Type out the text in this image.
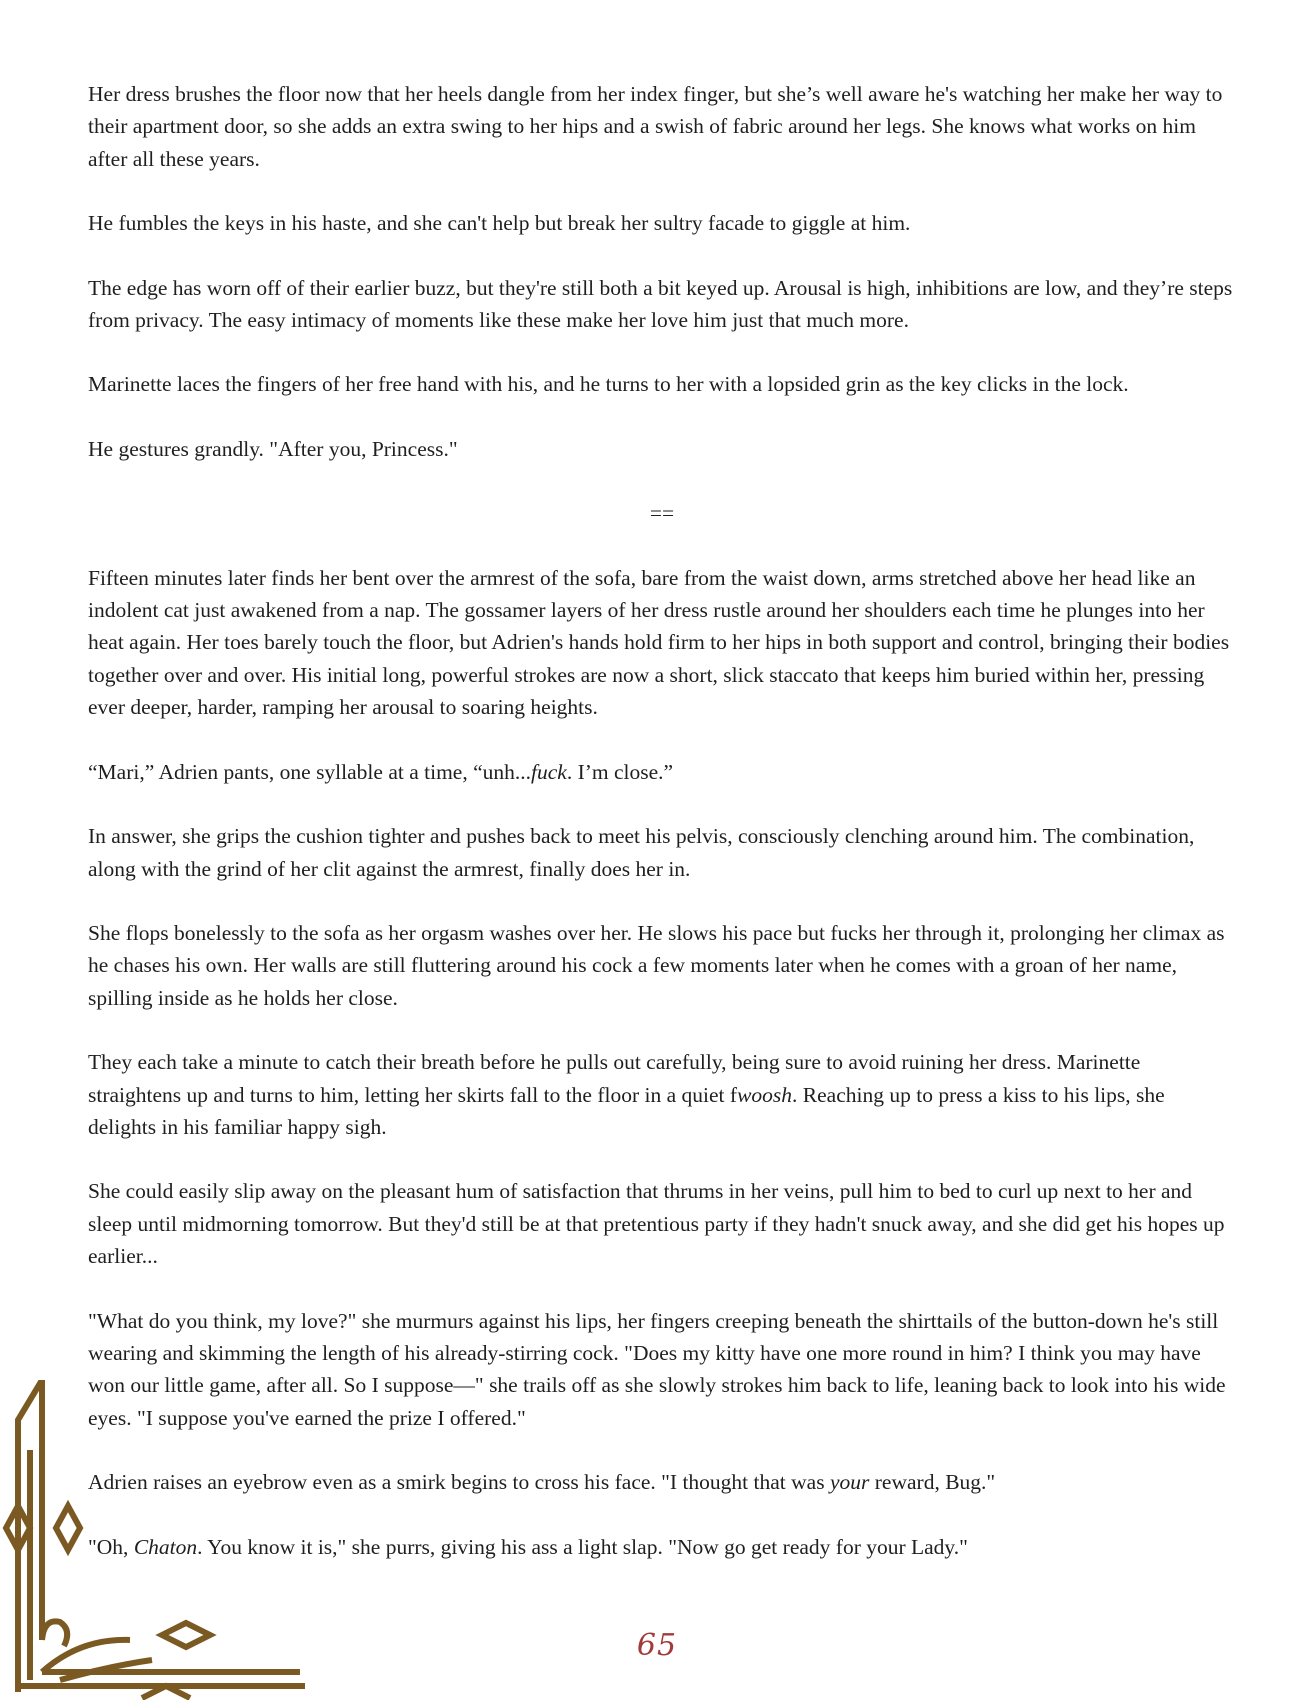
Her dress brushes the floor now that her heels dangle from her index finger, but she’s well aware he's watching her make her way to their apartment door, so she adds an extra swing to her hips and a swish of fabric around her legs. She knows what works on him after all these years.

He fumbles the keys in his haste, and she can't help but break her sultry facade to giggle at him.

The edge has worn off of their earlier buzz, but they're still both a bit keyed up. Arousal is high, inhibitions are low, and they’re steps from privacy. The easy intimacy of moments like these make her love him just that much more.

Marinette laces the fingers of her free hand with his, and he turns to her with a lopsided grin as the key clicks in the lock.

He gestures grandly. "After you, Princess."

==

Fifteen minutes later finds her bent over the armrest of the sofa, bare from the waist down, arms stretched above her head like an indolent cat just awakened from a nap. The gossamer layers of her dress rustle around her shoulders each time he plunges into her heat again. Her toes barely touch the floor, but Adrien's hands hold firm to her hips in both support and control, bringing their bodies together over and over. His initial long, powerful strokes are now a short, slick staccato that keeps him buried within her, pressing ever deeper, harder, ramping her arousal to soaring heights.

“Mari,” Adrien pants, one syllable at a time, “unh...fuck. I’m close.”

In answer, she grips the cushion tighter and pushes back to meet his pelvis, consciously clenching around him. The combination, along with the grind of her clit against the armrest, finally does her in.

She flops bonelessly to the sofa as her orgasm washes over her. He slows his pace but fucks her through it, prolonging her climax as he chases his own. Her walls are still fluttering around his cock a few moments later when he comes with a groan of her name, spilling inside as he holds her close.

They each take a minute to catch their breath before he pulls out carefully, being sure to avoid ruining her dress. Marinette straightens up and turns to him, letting her skirts fall to the floor in a quiet fwoosh. Reaching up to press a kiss to his lips, she delights in his familiar happy sigh.

She could easily slip away on the pleasant hum of satisfaction that thrums in her veins, pull him to bed to curl up next to her and sleep until midmorning tomorrow. But they'd still be at that pretentious party if they hadn't snuck away, and she did get his hopes up earlier...

"What do you think, my love?" she murmurs against his lips, her fingers creeping beneath the shirttails of the button-down he's still wearing and skimming the length of his already-stirring cock. "Does my kitty have one more round in him? I think you may have won our little game, after all. So I suppose—" she trails off as she slowly strokes him back to life, leaning back to look into his wide eyes. "I suppose you've earned the prize I offered."

Adrien raises an eyebrow even as a smirk begins to cross his face. "I thought that was your reward, Bug."

"Oh, Chaton. You know it is," she purrs, giving his ass a light slap. "Now go get ready for your Lady."

65
